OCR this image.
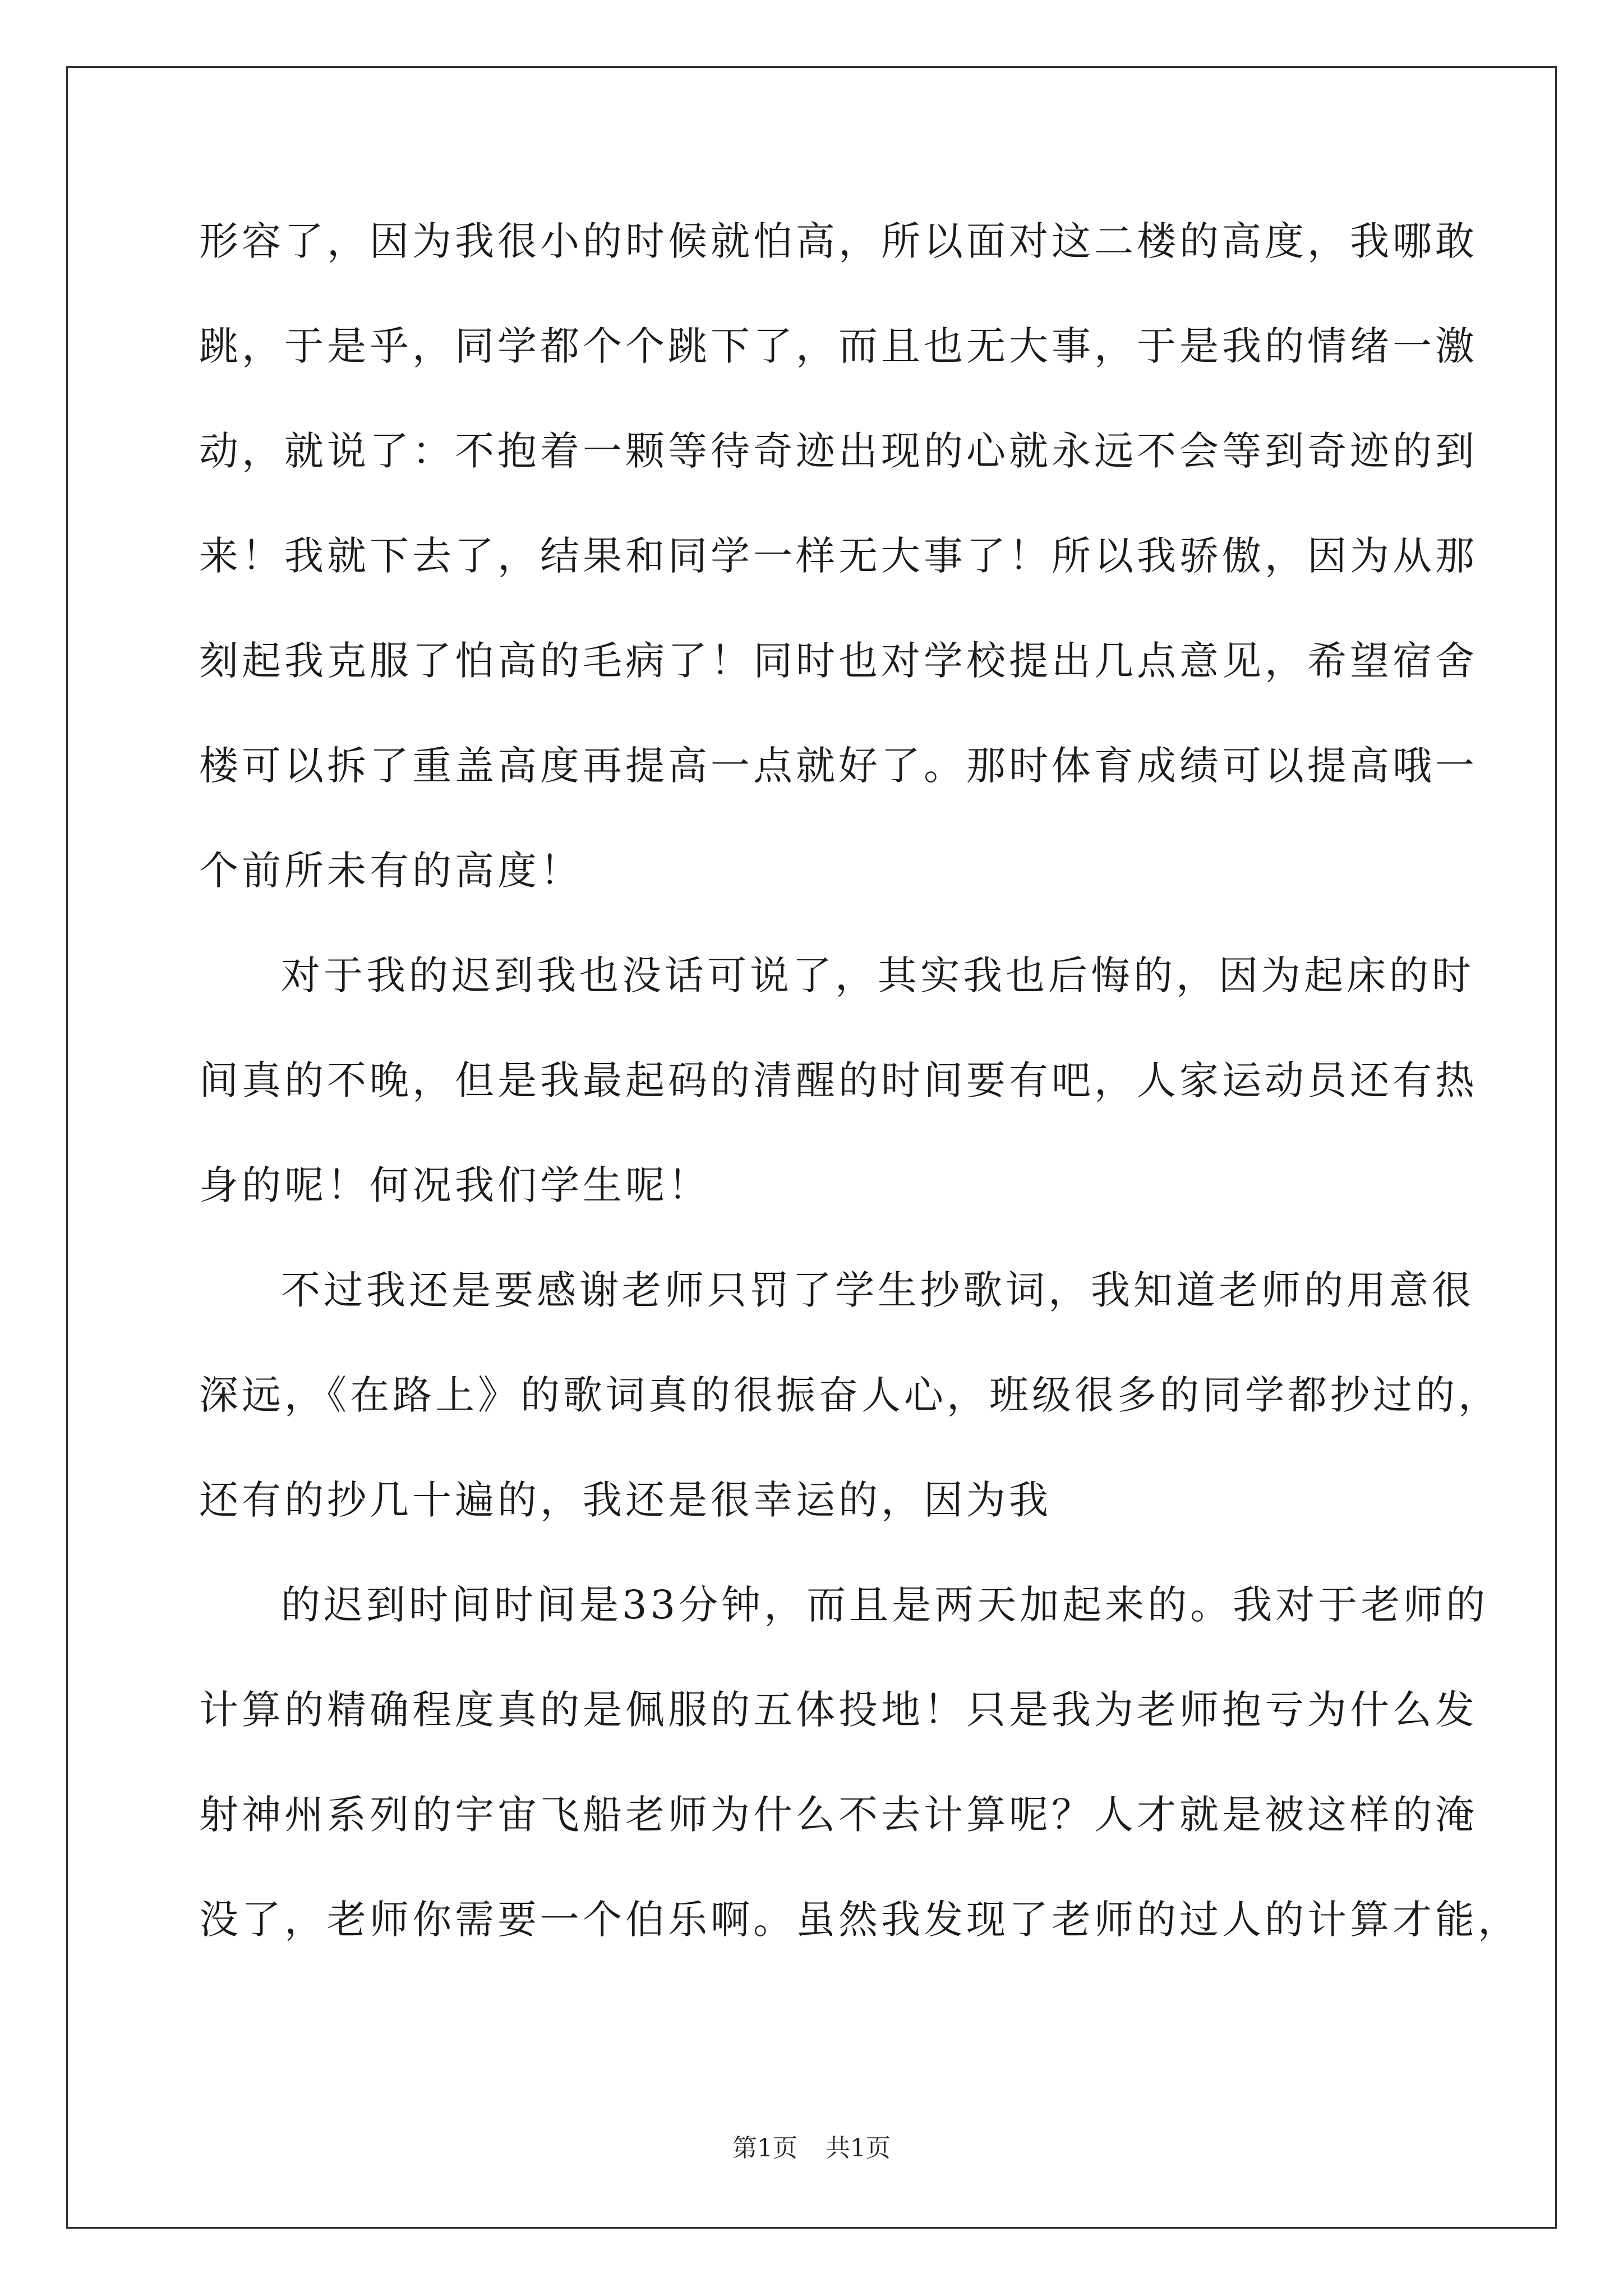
形容了，因为我很小的时候就怕高，所以面对这二楼的高度，我哪敢
跳，于是乎，同学都个个跳下了，而且也无大事，于是我的情绪一激
动，就说了：不抱着一颗等待奇迹出现的心就永远不会等到奇迹的到
来！我就下去了，结果和同学一样无大事了！所以我骄傲，因为从那
刻起我克服了怕高的毛病了！同时也对学校提出几点意见，希望宿舍
楼可以拆了重盖高度再提高一点就好了。那时体育成绩可以提高哦一
个前所未有的高度！
对于我的迟到我也没话可说了，其实我也后悔的，因为起床的时
间真的不晚，但是我最起码的清醒的时间要有吧，人家运动员还有热
身的呢！何况我们学生呢！
不过我还是要感谢老师只罚了学生抄歌词，我知道老师的用意很
深远，《在路上》的歌词真的很振奋人心，班级很多的同学都抄过的，
还有的抄几十遍的，我还是很幸运的，因为我
的迟到时间时间是33分钟，而且是两天加起来的。我对于老师的
计算的精确程度真的是佩服的五体投地！只是我为老师抱亏为什么发
射神州系列的宇宙飞船老师为什么不去计算呢？人才就是被这样的淹
没了，老师你需要一个伯乐啊。虽然我发现了老师的过人的计算才能，
第1页 共1页
